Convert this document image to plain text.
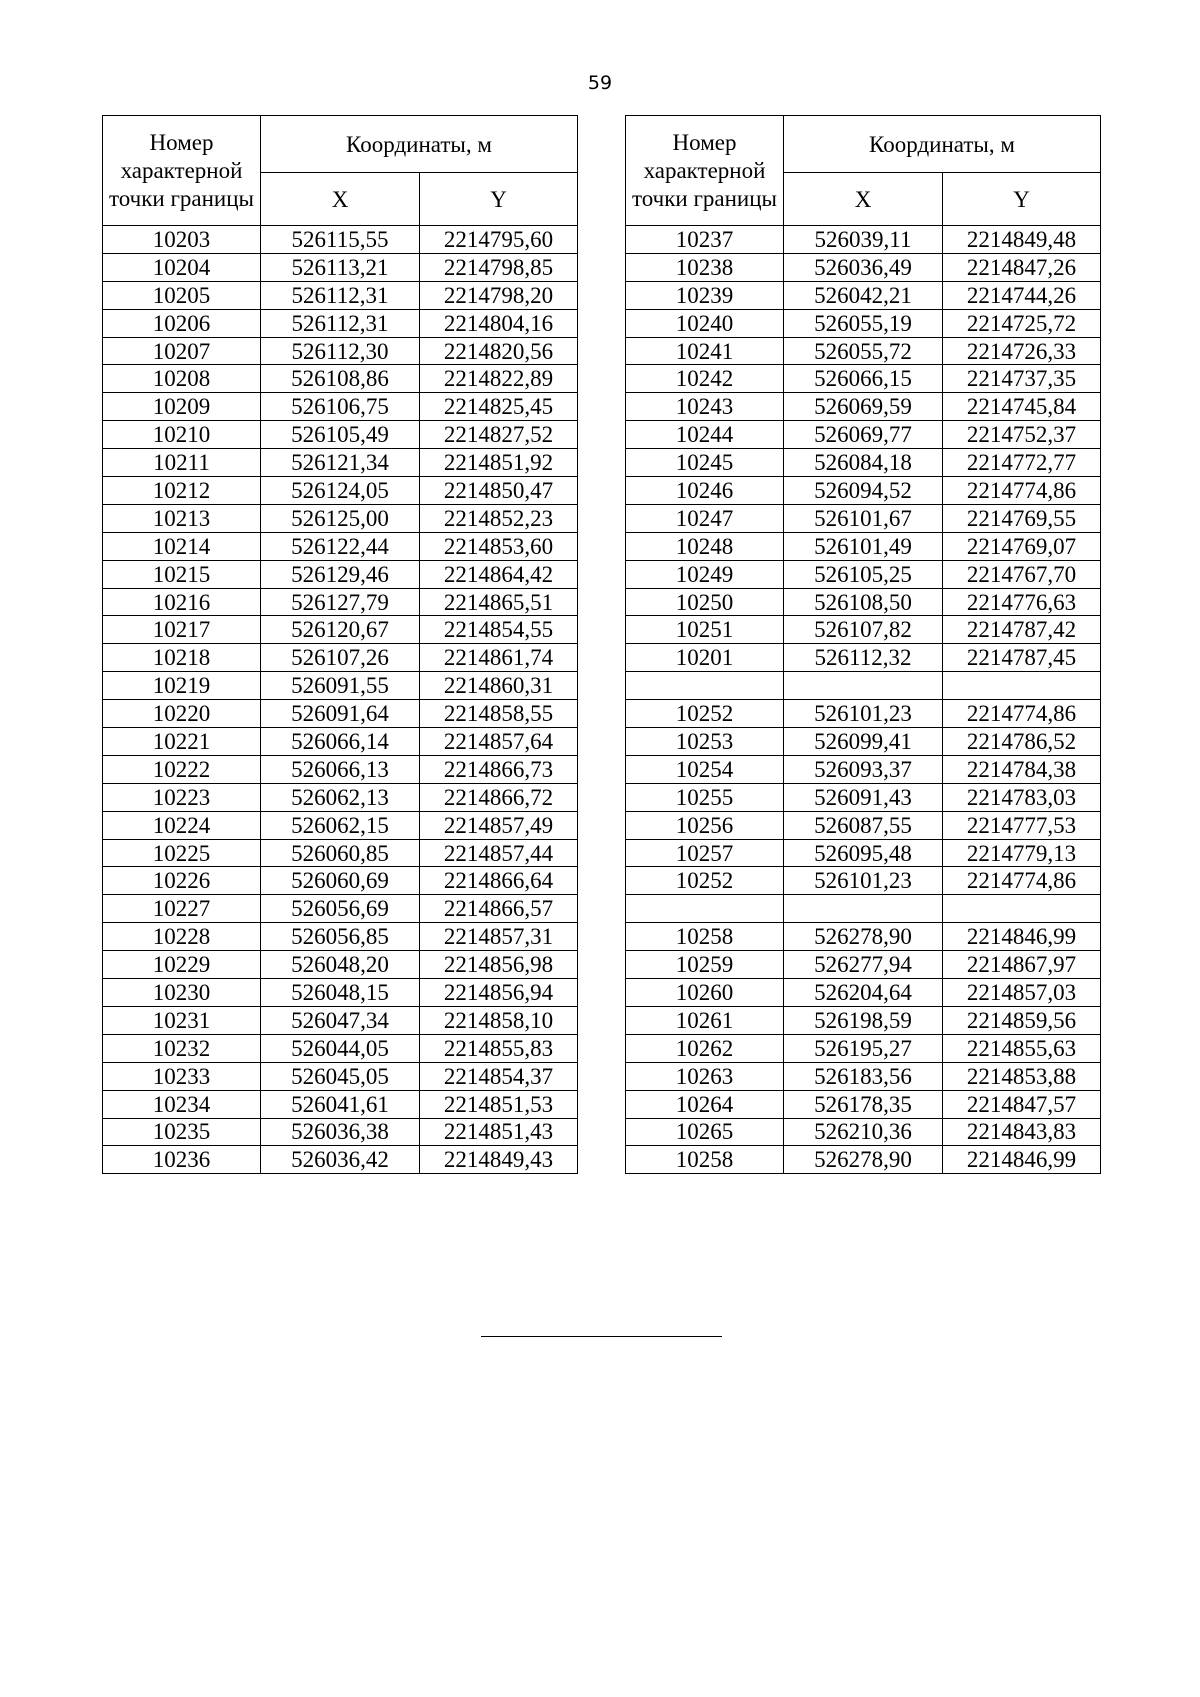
59
Номер характерной точки границы	Координаты, м	
	X	Y
10203	526115,55	2214795,60
10204	526113,21	2214798,85
10205	526112,31	2214798,20
10206	526112,31	2214804,16
10207	526112,30	2214820,56
10208	526108,86	2214822,89
10209	526106,75	2214825,45
10210	526105,49	2214827,52
10211	526121,34	2214851,92
10212	526124,05	2214850,47
10213	526125,00	2214852,23
10214	526122,44	2214853,60
10215	526129,46	2214864,42
10216	526127,79	2214865,51
10217	526120,67	2214854,55
10218	526107,26	2214861,74
10219	526091,55	2214860,31
10220	526091,64	2214858,55
10221	526066,14	2214857,64
10222	526066,13	2214866,73
10223	526062,13	2214866,72
10224	526062,15	2214857,49
10225	526060,85	2214857,44
10226	526060,69	2214866,64
10227	526056,69	2214866,57
10228	526056,85	2214857,31
10229	526048,20	2214856,98
10230	526048,15	2214856,94
10231	526047,34	2214858,10
10232	526044,05	2214855,83
10233	526045,05	2214854,37
10234	526041,61	2214851,53
10235	526036,38	2214851,43
10236	526036,42	2214849,43
Номер характерной точки границы	Координаты, м	
	X	Y
10237	526039,11	2214849,48
10238	526036,49	2214847,26
10239	526042,21	2214744,26
10240	526055,19	2214725,72
10241	526055,72	2214726,33
10242	526066,15	2214737,35
10243	526069,59	2214745,84
10244	526069,77	2214752,37
10245	526084,18	2214772,77
10246	526094,52	2214774,86
10247	526101,67	2214769,55
10248	526101,49	2214769,07
10249	526105,25	2214767,70
10250	526108,50	2214776,63
10251	526107,82	2214787,42
10201	526112,32	2214787,45

10252	526101,23	2214774,86
10253	526099,41	2214786,52
10254	526093,37	2214784,38
10255	526091,43	2214783,03
10256	526087,55	2214777,53
10257	526095,48	2214779,13
10252	526101,23	2214774,86

10258	526278,90	2214846,99
10259	526277,94	2214867,97
10260	526204,64	2214857,03
10261	526198,59	2214859,56
10262	526195,27	2214855,63
10263	526183,56	2214853,88
10264	526178,35	2214847,57
10265	526210,36	2214843,83
10258	526278,90	2214846,99
